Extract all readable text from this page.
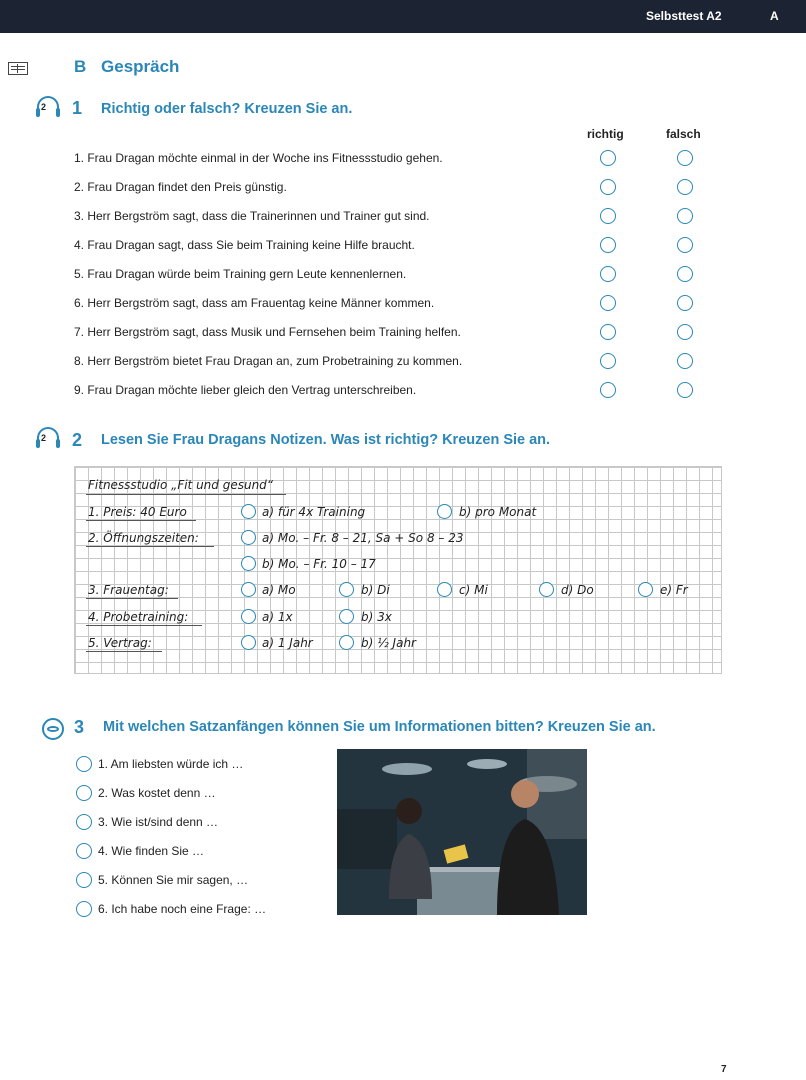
Selbsttest A2	A
B Gespräch
2 1 Richtig oder falsch? Kreuzen Sie an.
richtig	falsch
1. Frau Dragan möchte einmal in der Woche ins Fitnessstudio gehen.
2. Frau Dragan findet den Preis günstig.
3. Herr Bergström sagt, dass die Trainerinnen und Trainer gut sind.
4. Frau Dragan sagt, dass Sie beim Training keine Hilfe braucht.
5. Frau Dragan würde beim Training gern Leute kennenlernen.
6. Herr Bergström sagt, dass am Frauentag keine Männer kommen.
7. Herr Bergström sagt, dass Musik und Fernsehen beim Training helfen.
8. Herr Bergström bietet Frau Dragan an, zum Probetraining zu kommen.
9. Frau Dragan möchte lieber gleich den Vertrag unterschreiben.
2 2 Lesen Sie Frau Dragans Notizen. Was ist richtig? Kreuzen Sie an.
Fitnessstudio „Fit und gesund“
1. Preis: 40 Euro	a) für 4x Training	b) pro Monat
2. Öffnungszeiten:	a) Mo. – Fr. 8 – 21, Sa + So 8 – 23
b) Mo. – Fr. 10 – 17
3. Frauentag:	a) Mo	b) Di	c) Mi	d) Do	e) Fr
4. Probetraining:	a) 1x	b) 3x
5. Vertrag:	a) 1 Jahr	b) ½ Jahr
3 Mit welchen Satzanfängen können Sie um Informationen bitten? Kreuzen Sie an.
1. Am liebsten würde ich …
2. Was kostet denn …
3. Wie ist/sind denn …
4. Wie finden Sie …
5. Können Sie mir sagen, …
6. Ich habe noch eine Frage: …
7
